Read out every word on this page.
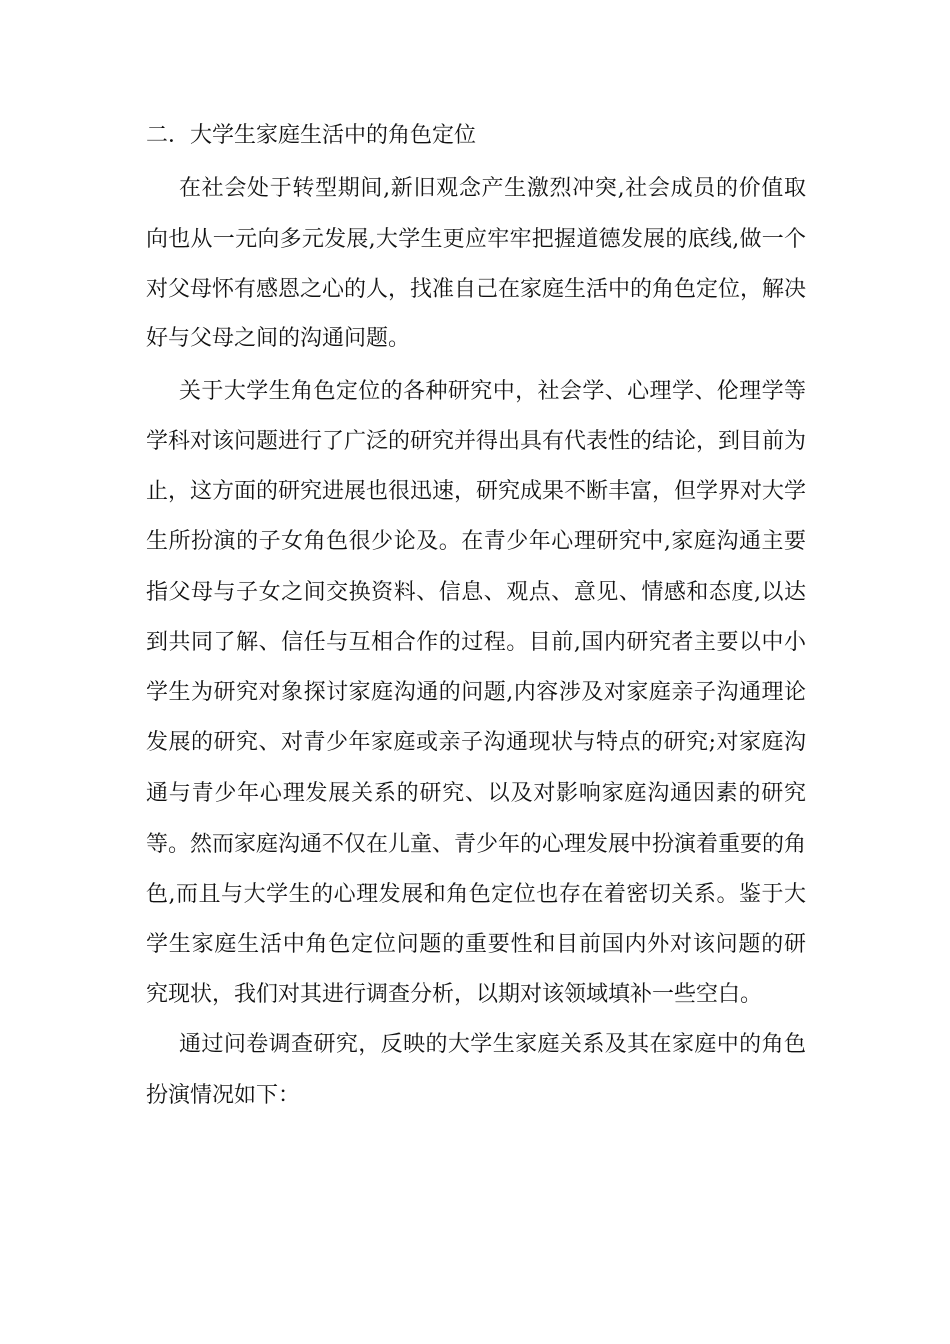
二．大学生家庭生活中的角色定位

在社会处于转型期间,新旧观念产生激烈冲突,社会成员的价值取

向也从一元向多元发展,大学生更应牢牢把握道德发展的底线,做一个

对父母怀有感恩之心的人，找准自己在家庭生活中的角色定位，解决

好与父母之间的沟通问题。

关于大学生角色定位的各种研究中，社会学、心理学、伦理学等

学科对该问题进行了广泛的研究并得出具有代表性的结论，到目前为

止，这方面的研究进展也很迅速，研究成果不断丰富，但学界对大学

生所扮演的子女角色很少论及。在青少年心理研究中,家庭沟通主要

指父母与子女之间交换资料、信息、观点、意见、情感和态度,以达

到共同了解、信任与互相合作的过程。目前,国内研究者主要以中小

学生为研究对象探讨家庭沟通的问题,内容涉及对家庭亲子沟通理论

发展的研究、对青少年家庭或亲子沟通现状与特点的研究;对家庭沟

通与青少年心理发展关系的研究、以及对影响家庭沟通因素的研究

等。然而家庭沟通不仅在儿童、青少年的心理发展中扮演着重要的角

色,而且与大学生的心理发展和角色定位也存在着密切关系。鉴于大

学生家庭生活中角色定位问题的重要性和目前国内外对该问题的研

究现状，我们对其进行调查分析，以期对该领域填补一些空白。

通过问卷调查研究，反映的大学生家庭关系及其在家庭中的角色

扮演情况如下：
